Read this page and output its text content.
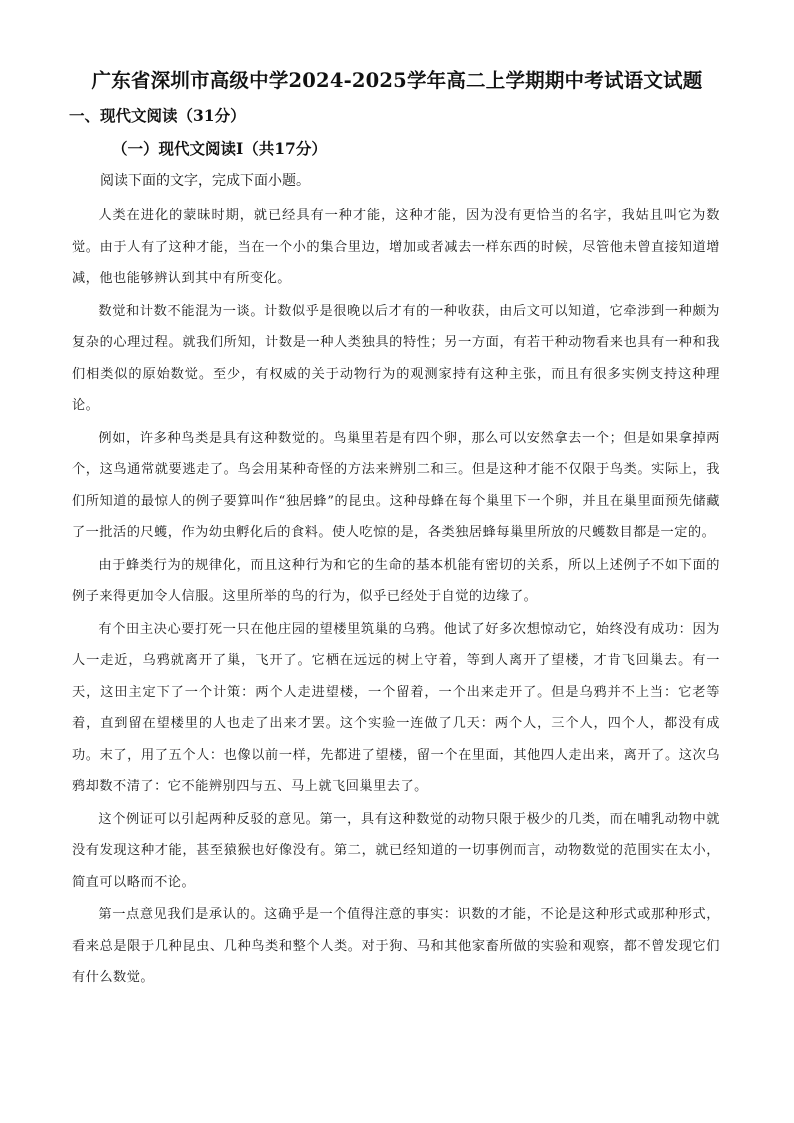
广东省深圳市高级中学2024-2025学年高二上学期期中考试语文试题
一、现代文阅读（31分）
（一）现代文阅读Ⅰ（共17分）

阅读下面的文字，完成下面小题。

人类在进化的蒙昧时期，就已经具有一种才能，这种才能，因为没有更恰当的名字，我姑且叫它为数觉。由于人有了这种才能，当在一个小的集合里边，增加或者减去一样东西的时候，尽管他未曾直接知道增减，他也能够辨认到其中有所变化。

数觉和计数不能混为一谈。计数似乎是很晚以后才有的一种收获，由后文可以知道，它牵涉到一种颇为复杂的心理过程。就我们所知，计数是一种人类独具的特性；另一方面，有若干种动物看来也具有一种和我们相类似的原始数觉。至少，有权威的关于动物行为的观测家持有这种主张，而且有很多实例支持这种理论。

例如，许多种鸟类是具有这种数觉的。鸟巢里若是有四个卵，那么可以安然拿去一个；但是如果拿掉两个，这鸟通常就要逃走了。鸟会用某种奇怪的方法来辨别二和三。但是这种才能不仅限于鸟类。实际上，我们所知道的最惊人的例子要算叫作“独居蜂”的昆虫。这种母蜂在每个巢里下一个卵，并且在巢里面预先储藏了一批活的尺蠖，作为幼虫孵化后的食料。使人吃惊的是，各类独居蜂每巢里所放的尺蠖数目都是一定的。

由于蜂类行为的规律化，而且这种行为和它的生命的基本机能有密切的关系，所以上述例子不如下面的例子来得更加令人信服。这里所举的鸟的行为，似乎已经处于自觉的边缘了。

有个田主决心要打死一只在他庄园的望楼里筑巢的乌鸦。他试了好多次想惊动它，始终没有成功：因为人一走近，乌鸦就离开了巢，飞开了。它栖在远远的树上守着，等到人离开了望楼，才肯飞回巢去。有一天，这田主定下了一个计策：两个人走进望楼，一个留着，一个出来走开了。但是乌鸦并不上当：它老等着，直到留在望楼里的人也走了出来才罢。这个实验一连做了几天：两个人，三个人，四个人，都没有成功。末了，用了五个人：也像以前一样，先都进了望楼，留一个在里面，其他四人走出来，离开了。这次乌鸦却数不清了：它不能辨别四与五、马上就飞回巢里去了。

这个例证可以引起两种反驳的意见。第一，具有这种数觉的动物只限于极少的几类，而在哺乳动物中就没有发现这种才能，甚至猿猴也好像没有。第二，就已经知道的一切事例而言，动物数觉的范围实在太小，简直可以略而不论。

第一点意见我们是承认的。这确乎是一个值得注意的事实：识数的才能，不论是这种形式或那种形式，看来总是限于几种昆虫、几种鸟类和整个人类。对于狗、马和其他家畜所做的实验和观察，都不曾发现它们有什么数觉。
